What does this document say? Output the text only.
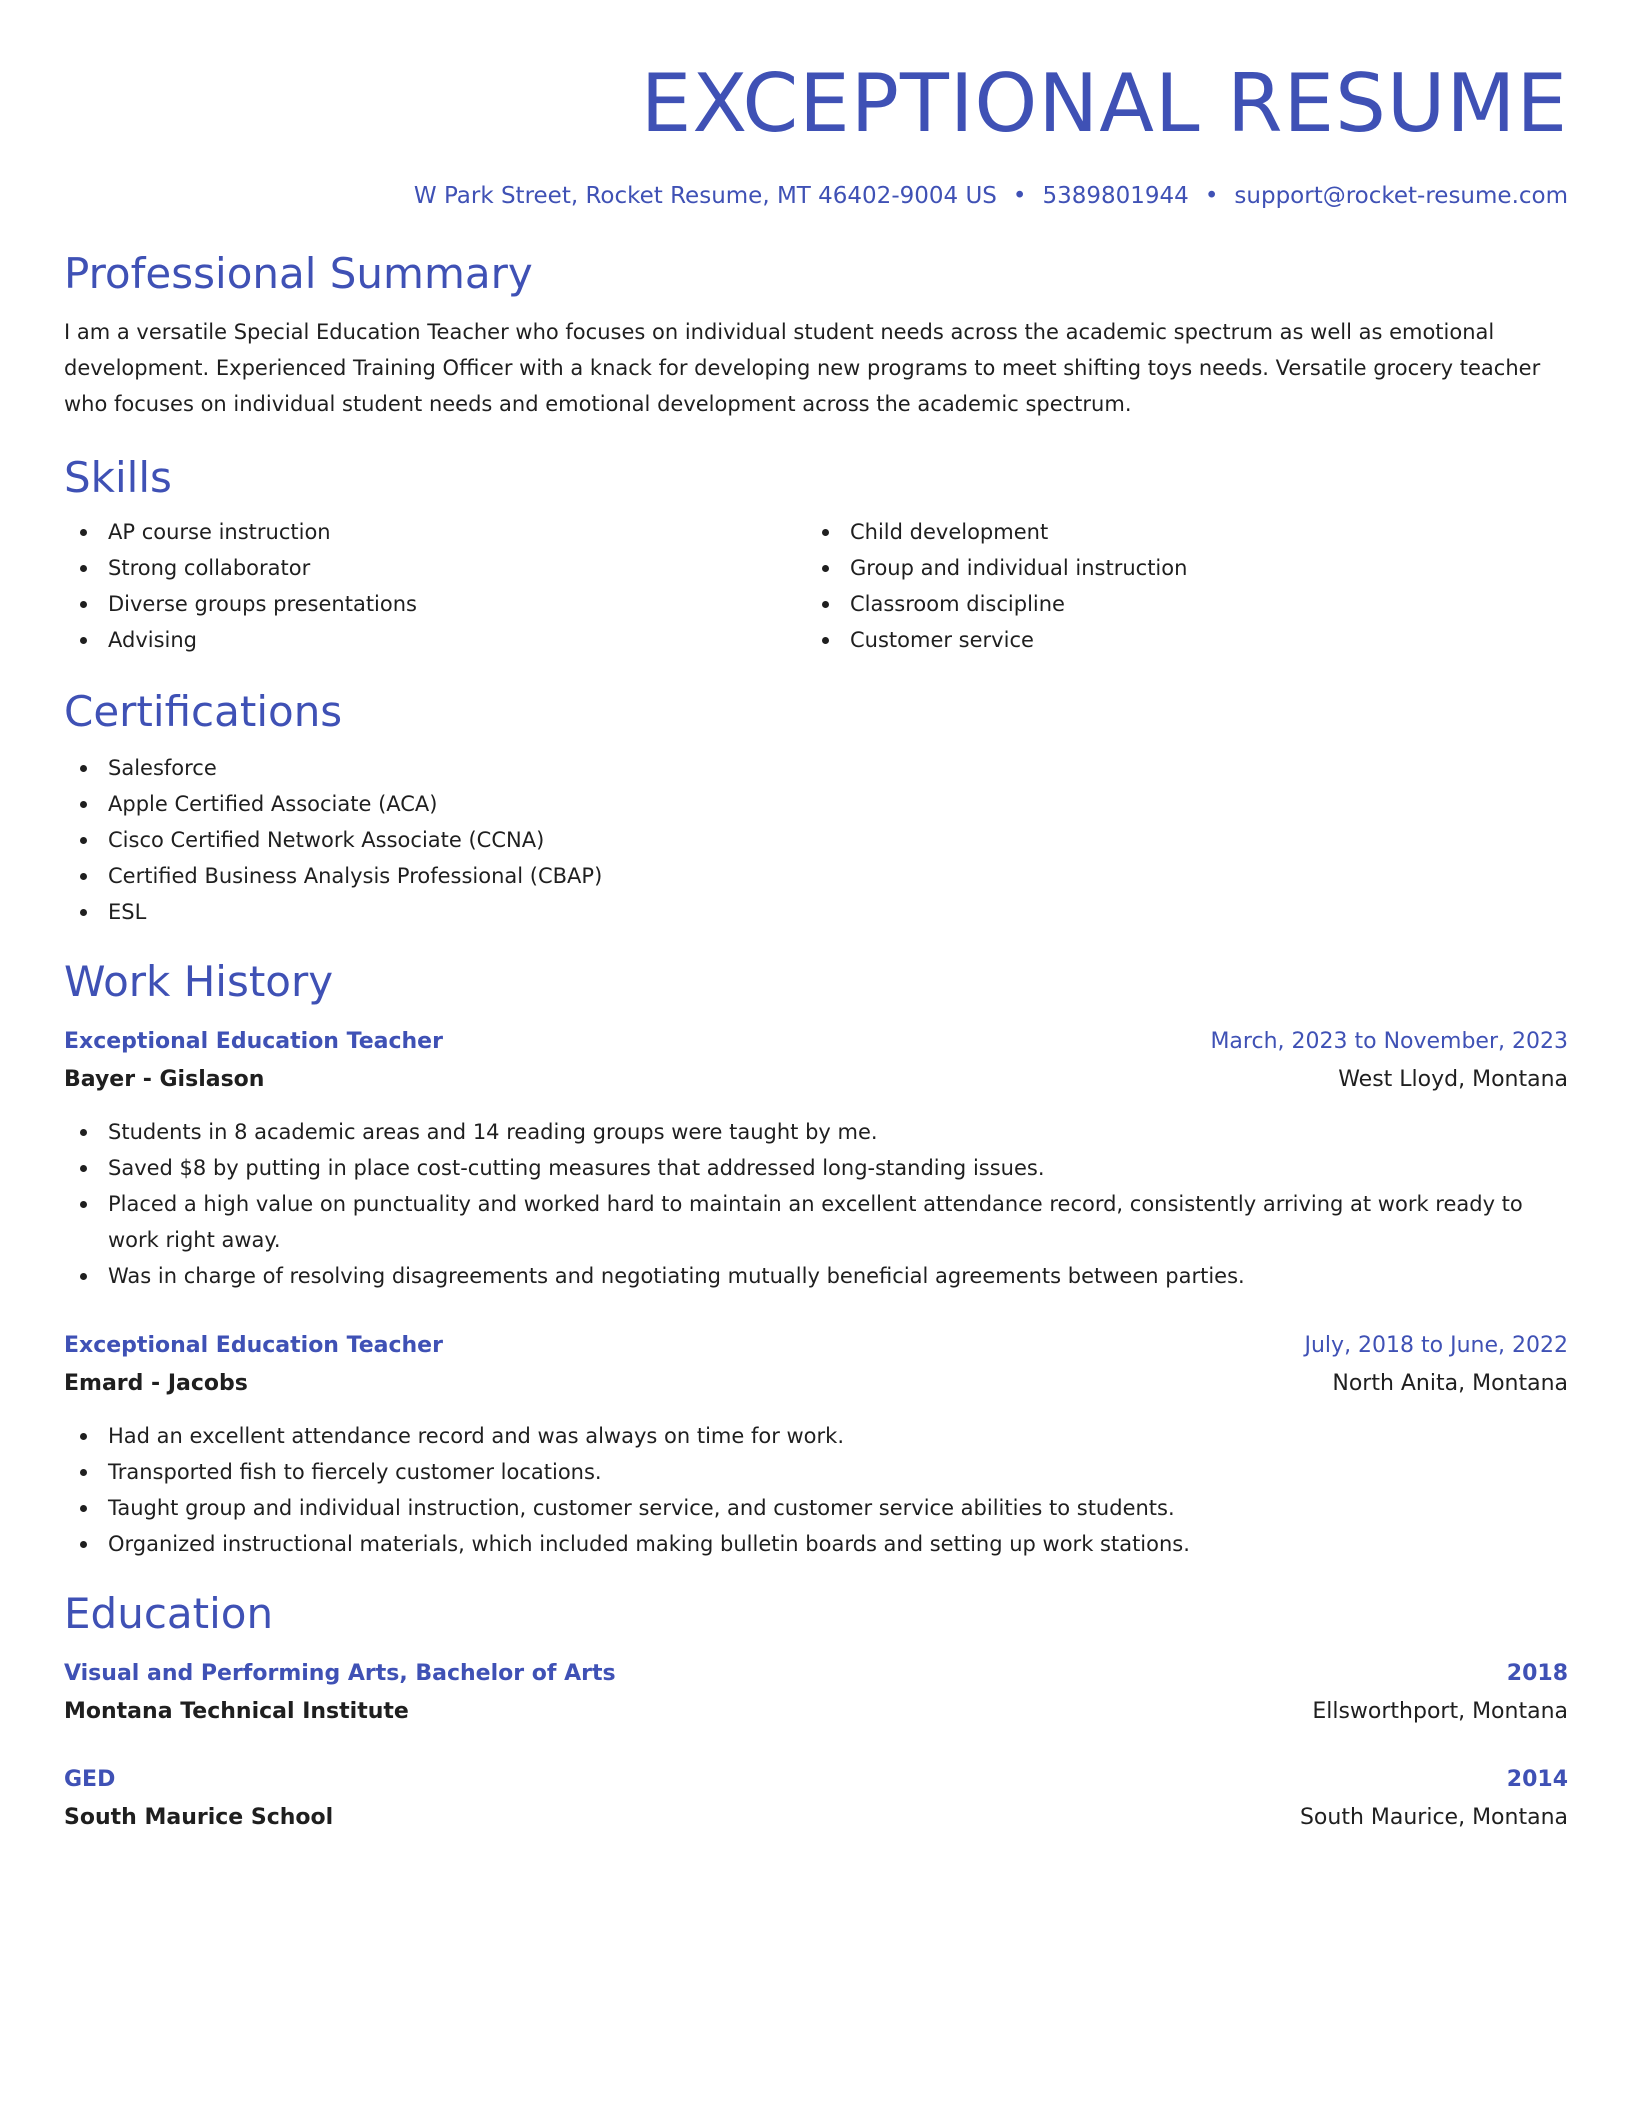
EXCEPTIONAL RESUME
W Park Street, Rocket Resume, MT 46402-9004 US • 5389801944 • support@rocket-resume.com
Professional Summary

I am a versatile Special Education Teacher who focuses on individual student needs across the academic spectrum as well as emotional development. Experienced Training Officer with a knack for developing new programs to meet shifting toys needs. Versatile grocery teacher who focuses on individual student needs and emotional development across the academic spectrum.

Skills
AP course instruction
Strong collaborator
Diverse groups presentations
Advising
Child development
Group and individual instruction
Classroom discipline
Customer service
Certifications
Salesforce
Apple Certified Associate (ACA)
Cisco Certified Network Associate (CCNA)
Certified Business Analysis Professional (CBAP)
ESL
Work History
Exceptional Education Teacher	March, 2023 to November, 2023
Bayer - Gislason	West Lloyd, Montana
Students in 8 academic areas and 14 reading groups were taught by me.
Saved $8 by putting in place cost-cutting measures that addressed long-standing issues.
Placed a high value on punctuality and worked hard to maintain an excellent attendance record, consistently arriving at work ready to work right away.
Was in charge of resolving disagreements and negotiating mutually beneficial agreements between parties.
Exceptional Education Teacher	July, 2018 to June, 2022
Emard - Jacobs	North Anita, Montana
Had an excellent attendance record and was always on time for work.
Transported fish to fiercely customer locations.
Taught group and individual instruction, customer service, and customer service abilities to students.
Organized instructional materials, which included making bulletin boards and setting up work stations.
Education
Visual and Performing Arts, Bachelor of Arts	2018
Montana Technical Institute	Ellsworthport, Montana
GED	2014
South Maurice School	South Maurice, Montana
